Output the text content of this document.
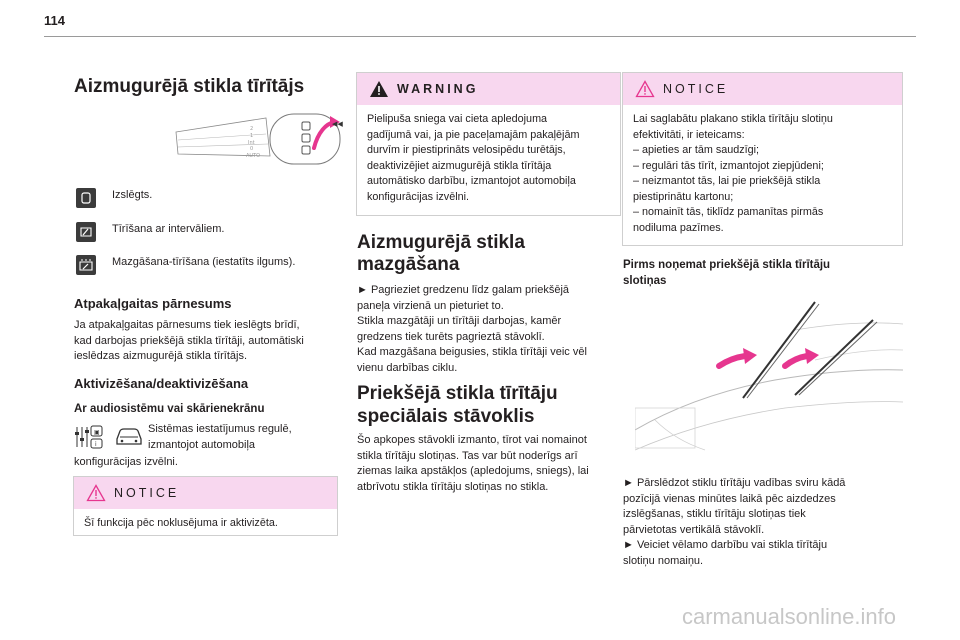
114
Aizmugurējā stikla tīrītājs
2
1
Int
0
AUTO
◀◀

Izslēgts.

Tīrīšana ar intervāliem.

Mazgāšana-tīrīšana (iestatīts ilgums).

Atpakaļgaitas pārnesums

Ja atpakaļgaitas pārnesums tiek ieslēgts brīdī,

kad darbojas priekšējā stikla tīrītāji, automātiski

ieslēdzas aizmugurējā stikla tīrītājs.

Aktivizēšana/deaktivizēšana
Ar audiosistēmu vai skārienekrānu
▣
i

Sistēmas iestatījumus regulē,

izmantojot automobiļa

konfigurācijas izvēlni.

NOTICE

Šī funkcija pēc noklusējuma ir aktivizēta.

WARNING

Pielipuša sniega vai cieta apledojuma

gadījumā vai, ja pie paceļamajām pakaļējām

durvīm ir piestiprināts velosipēdu turētājs,

deaktivizējiet aizmugurējā stikla tīrītāja

automātisko darbību, izmantojot automobiļa

konfigurācijas izvēlni.

Aizmugurējā stikla
mazgāšana

► Pagrieziet gredzenu līdz galam priekšējā

paneļa virzienā un pieturiet to.

Stikla mazgātāji un tīrītāji darbojas, kamēr

gredzens tiek turēts pagrieztā stāvoklī.

Kad mazgāšana beigusies, stikla tīrītāji veic vēl

vienu darbības ciklu.

Priekšējā stikla tīrītāju
speciālais stāvoklis

Šo apkopes stāvokli izmanto, tīrot vai nomainot

stikla tīrītāju slotiņas. Tas var būt noderīgs arī

ziemas laika apstākļos (apledojums, sniegs), lai

atbrīvotu stikla tīrītāju slotiņas no stikla.

NOTICE

Lai saglabātu plakano stikla tīrītāju slotiņu

efektivitāti, ir ieteicams:

– apieties ar tām saudzīgi;

– regulāri tās tīrīt, izmantojot ziepjūdeni;

– neizmantot tās, lai pie priekšējā stikla

piestiprinātu kartonu;

– nomainīt tās, tiklīdz pamanītas pirmās

nodiluma pazīmes.

Pirms noņemat priekšējā stikla tīrītāju
slotiņas

► Pārslēdzot stiklu tīrītāju vadības sviru kādā

pozīcijā vienas minūtes laikā pēc aizdedzes

izslēgšanas, stiklu tīrītāju slotiņas tiek

pārvietotas vertikālā stāvoklī.

► Veiciet vēlamo darbību vai stikla tīrītāju

slotiņu nomaiņu.

carmanualsonline.info
